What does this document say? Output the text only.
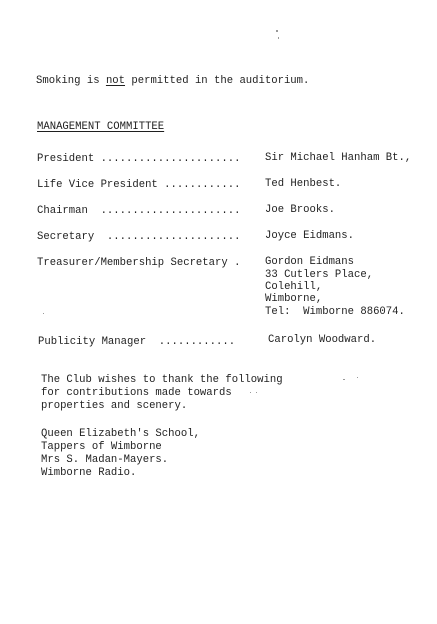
Smoking is not permitted in the auditorium.
MANAGEMENT COMMITTEE
President ...................... Sir Michael Hanham Bt.,
Life Vice President ............ Ted Henbest.
Chairman  ...................... Joe Brooks.
Secretary  ..................... Joyce Eidmans.
Treasurer/Membership Secretary . Gordon Eidmans
33 Cutlers Place,
Colehill,
Wimborne,
Tel:  Wimborne 886074.
Publicity Manager  ............	Carolyn Woodward.
The Club wishes to thank the following
for contributions made towards
properties and scenery.
Queen Elizabeth's School,
Tappers of Wimborne
Mrs S. Madan-Mayers.
Wimborne Radio.
